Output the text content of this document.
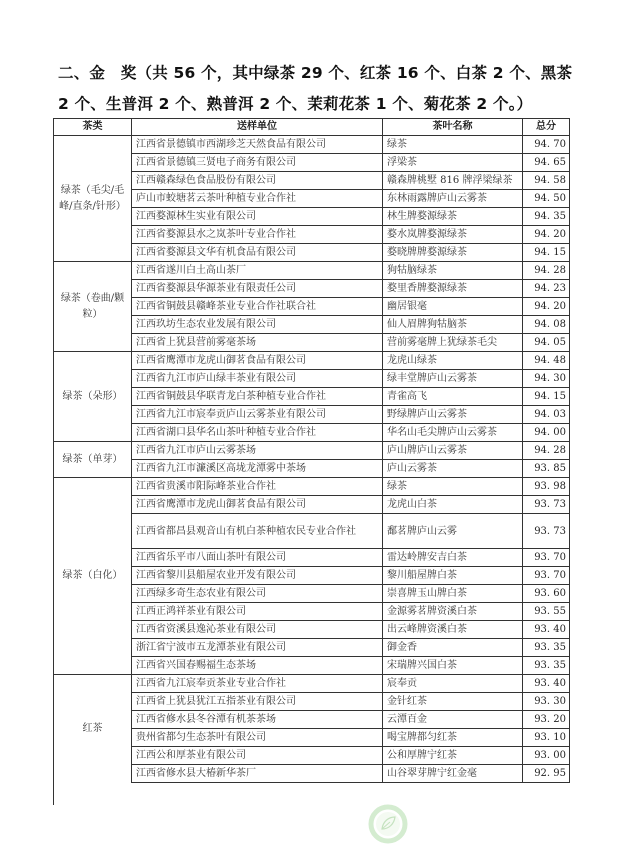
二、金　奖（共 56 个，其中绿茶 29 个、红茶 16 个、白茶 2 个、黑茶
2 个、生普洱 2 个、熟普洱 2 个、茉莉花茶 1 个、菊花茶 2 个。）
茶类	送样单位	茶叶名称	总分
绿茶（毛尖/毛峰/直条/针形）	江西省景德镇市西湖珍芝天然食品有限公司	绿茶	94. 70
	江西省景德镇三贤电子商务有限公司	浮梁茶	94. 65
	江西赣森绿色食品股份有限公司	赣森牌桃墅 816 牌浮梁绿茶	94. 58
	庐山市蛟塘茗云茶叶种植专业合作社	东林雨露牌庐山云雾茶	94. 50
	江西婺源林生实业有限公司	林生牌婺源绿茶	94. 35
	江西省婺源县水之岚茶叶专业合作社	婺水岚牌婺源绿茶	94. 20
	江西省婺源县文华有机食品有限公司	婺晓牌牌婺源绿茶	94. 15
绿茶（卷曲/颗粒）	江西省遂川白土高山茶厂	狗牯脑绿茶	94. 28
	江西省婺源县华源茶业有限责任公司	婺里香牌婺源绿茶	94. 23
	江西省铜鼓县赣峰茶业专业合作社联合社	幽居银毫	94. 20
	江西玖坊生态农业发展有限公司	仙人眉牌狗牯脑茶	94. 08
	江西省上犹县营前雾毫茶场	营前雾毫牌上犹绿茶毛尖	94. 05
绿茶（朵形）	江西省鹰潭市龙虎山御茗食品有限公司	龙虎山绿茶	94. 48
	江西省九江市庐山绿丰茶业有限公司	绿丰堂牌庐山云雾茶	94. 30
	江西省铜鼓县华联青龙白茶种植专业合作社	青雀高飞	94. 15
	江西省九江市宸奉贡庐山云雾茶业有限公司	野绿牌庐山云雾茶	94. 03
	江西省湖口县华名山茶叶种植专业合作社	华名山毛尖牌庐山云雾茶	94. 00
绿茶（单芽）	江西省九江市庐山云雾茶场	庐山牌庐山云雾茶	94. 28
	江西省九江市濂溪区高垅龙潭雾中茶场	庐山云雾茶	93. 85
绿茶（白化）	江西省贵溪市阳际峰茶业合作社	绿茶	93. 98
	江西省鹰潭市龙虎山御茗食品有限公司	龙虎山白茶	93. 73
	江西省都昌县观音山有机白茶种植农民专业合作社	鄱茗牌庐山云雾	93. 73
	江西省乐平市八面山茶叶有限公司	雷达岭牌安吉白茶	93. 70
	江西省黎川县船屋农业开发有限公司	黎川船屋牌白茶	93. 70
	江西绿多奇生态农业有限公司	崇喜牌玉山牌白茶	93. 60
	江西正鸿祥茶业有限公司	金源雾茗牌资溪白茶	93. 55
	江西省资溪县逸沁茶业有限公司	出云峰牌资溪白茶	93. 40
	浙江省宁波市五龙潭茶业有限公司	御金香	93. 35
	江西省兴国春赐福生态茶场	宋瑞牌兴国白茶	93. 35
红茶	江西省九江宸奉贡茶业专业合作社	宸奉贡	93. 40
	江西省上犹县犹江五指茶业有限公司	金针红茶	93. 30
	江西省修水县冬谷潭有机茶茶场	云潭百金	93. 20
	贵州省都匀生态茶叶有限公司	喝宝牌都匀红茶	93. 10
	江西公和厚茶业有限公司	公和厚牌宁红茶	93. 00
	江西省修水县大椿新华茶厂	山谷翠芽牌宁红金毫	92. 95
